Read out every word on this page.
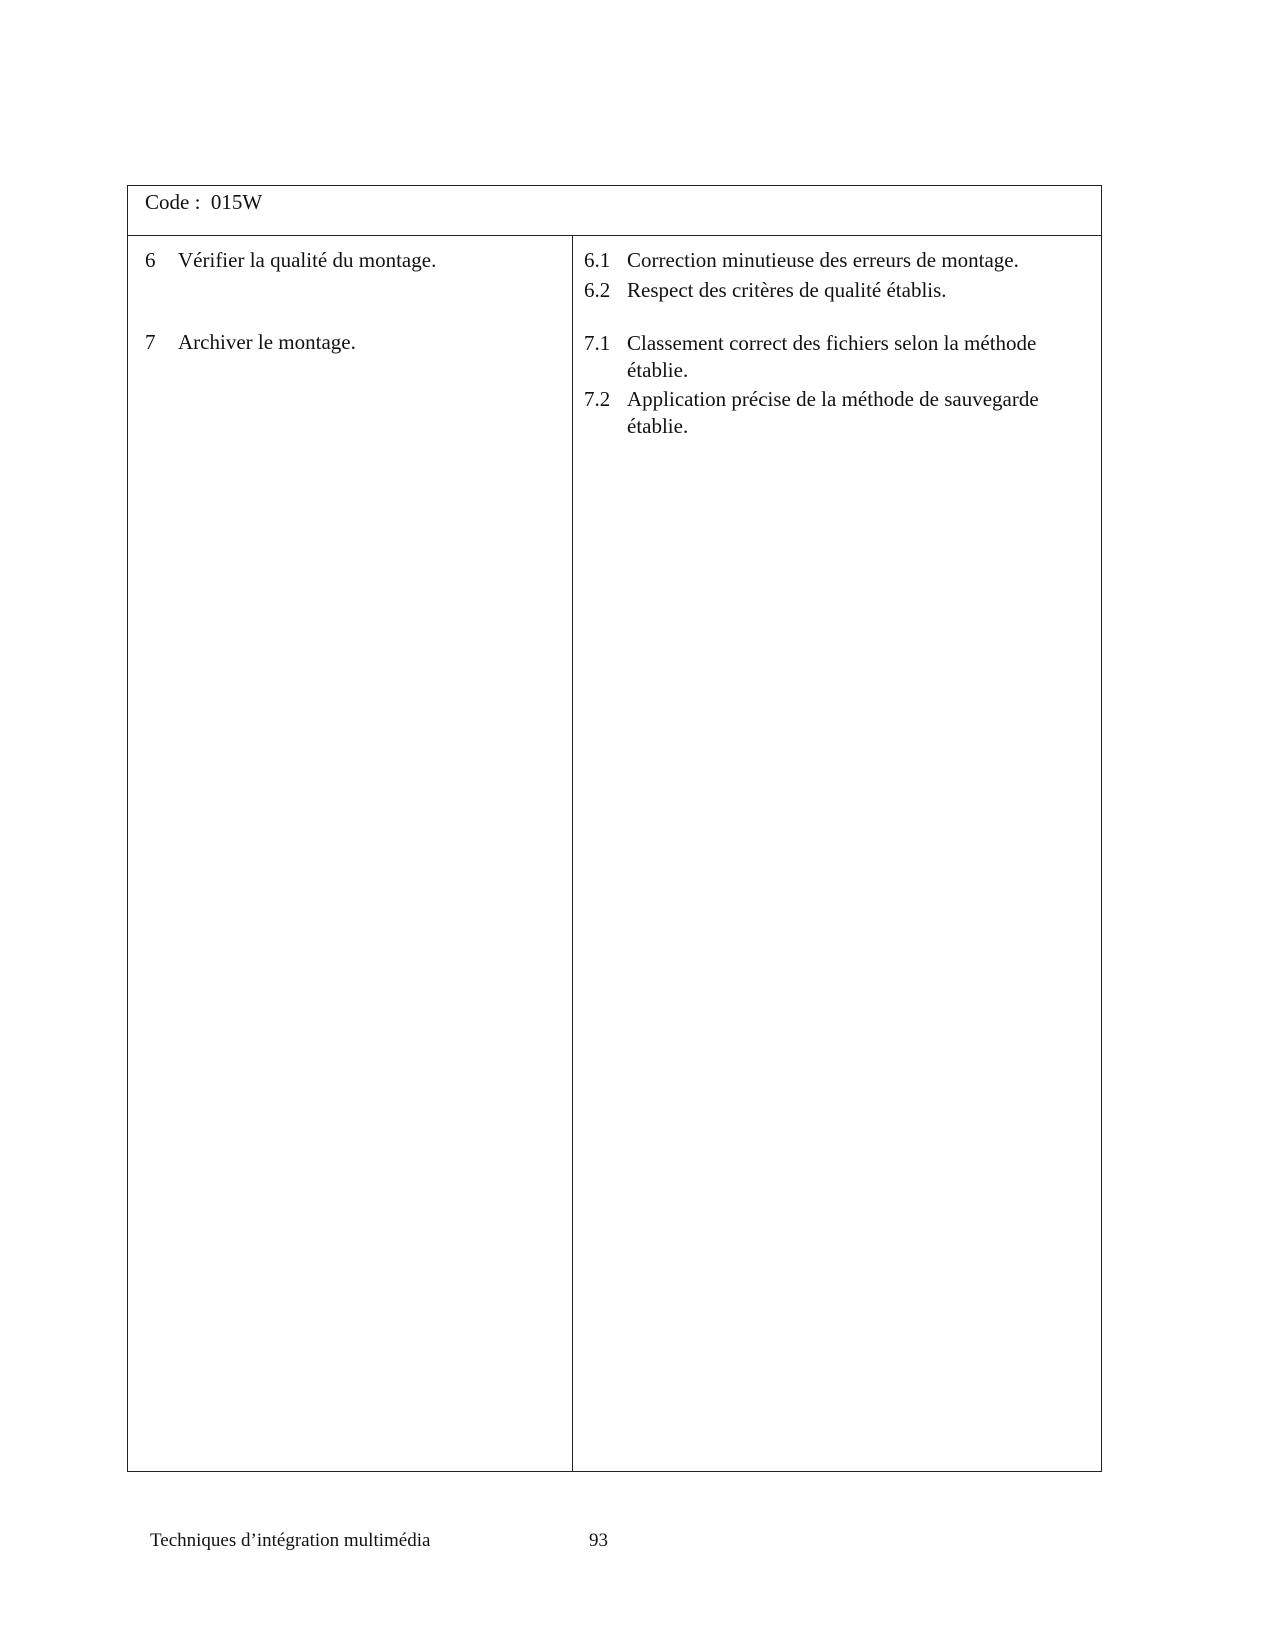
Code : 015W
6 Vérifier la qualité du montage.
7 Archiver le montage.
6.1 Correction minutieuse des erreurs de montage.
6.2 Respect des critères de qualité établis.
7.1 Classement correct des fichiers selon la méthode établie.
7.2 Application précise de la méthode de sauvegarde établie.
Techniques d’intégration multimédia	93
